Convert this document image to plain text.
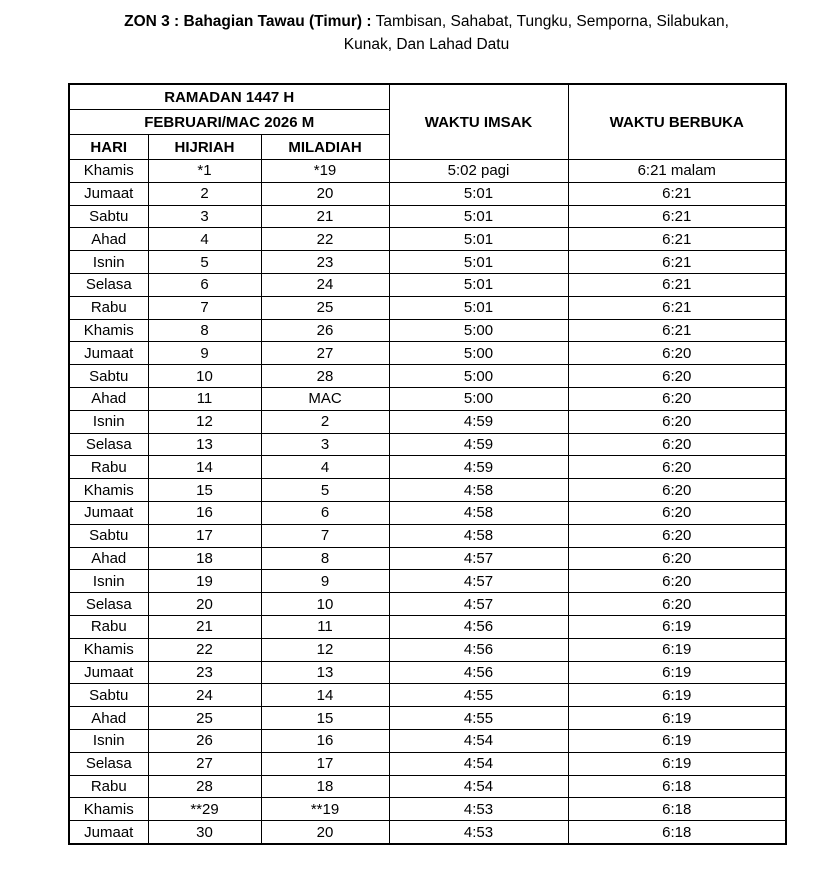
ZON 3 : Bahagian Tawau (Timur) : Tambisan, Sahabat, Tungku, Semporna, Silabukan,
Kunak, Dan Lahad Datu
RAMADAN 1447 H			WAKTU IMSAK	WAKTU BERBUKA
FEBRUARI/MAC 2026 M				
HARI	HIJRIAH	MILADIAH		
Khamis	*1	*19	5:02 pagi	6:21 malam
Jumaat	2	20	5:01	6:21
Sabtu	3	21	5:01	6:21
Ahad	4	22	5:01	6:21
Isnin	5	23	5:01	6:21
Selasa	6	24	5:01	6:21
Rabu	7	25	5:01	6:21
Khamis	8	26	5:00	6:21
Jumaat	9	27	5:00	6:20
Sabtu	10	28	5:00	6:20
Ahad	11	MAC	5:00	6:20
Isnin	12	2	4:59	6:20
Selasa	13	3	4:59	6:20
Rabu	14	4	4:59	6:20
Khamis	15	5	4:58	6:20
Jumaat	16	6	4:58	6:20
Sabtu	17	7	4:58	6:20
Ahad	18	8	4:57	6:20
Isnin	19	9	4:57	6:20
Selasa	20	10	4:57	6:20
Rabu	21	11	4:56	6:19
Khamis	22	12	4:56	6:19
Jumaat	23	13	4:56	6:19
Sabtu	24	14	4:55	6:19
Ahad	25	15	4:55	6:19
Isnin	26	16	4:54	6:19
Selasa	27	17	4:54	6:19
Rabu	28	18	4:54	6:18
Khamis	**29	**19	4:53	6:18
Jumaat	30	20	4:53	6:18
